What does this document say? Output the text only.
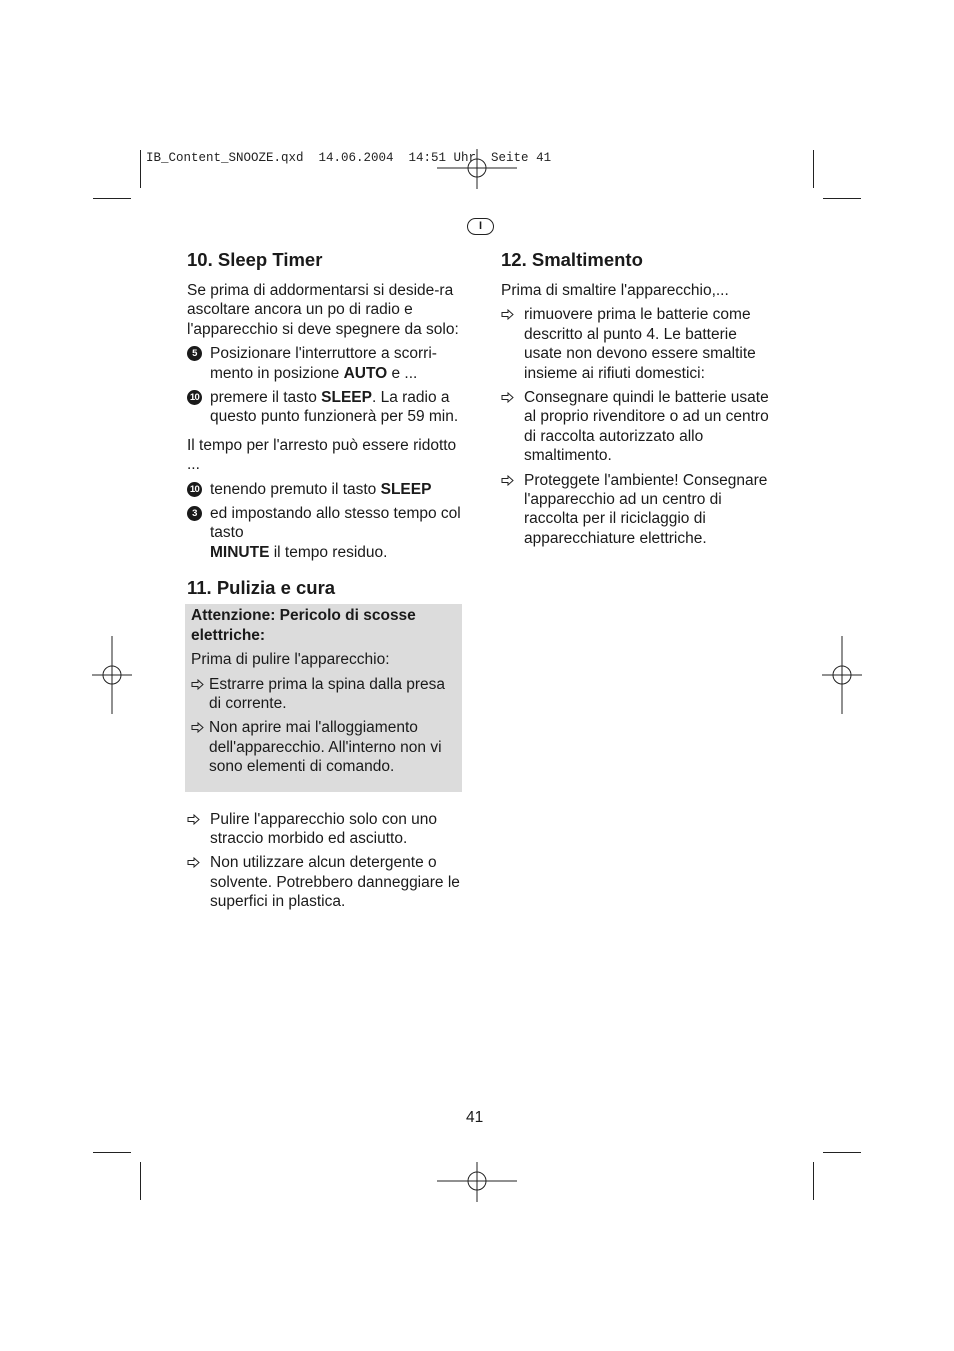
IB_Content_SNOOZE.qxd  14.06.2004  14:51 Uhr  Seite 41
I
10. Sleep Timer

Se prima di addormentarsi si deside-ra ascoltare ancora un po di radio e l'apparecchio si deve spegnere da solo:

5 Posizionare l'interruttore a scorri-mento in posizione AUTO e ...
10 premere il tasto SLEEP. La radio a questo punto funzionerà per 59 min.

Il tempo per l'arresto può essere ridotto ...

10 tenendo premuto il tasto SLEEP
3 ed impostando allo stesso tempo col tasto
MINUTE il tempo residuo.
11. Pulizia e cura
Attenzione: Pericolo di scosse elettriche:

Prima di pulire l'apparecchio:

Estrarre prima la spina dalla presa di corrente.
Non aprire mai l'alloggiamento dell'apparecchio. All'interno non vi sono elementi di comando.
Pulire l'apparecchio solo con uno straccio morbido ed asciutto.
Non utilizzare alcun detergente o solvente. Potrebbero danneggiare le superfici in plastica.
12. Smaltimento

Prima di smaltire l'apparecchio,...

rimuovere prima le batterie come descritto al punto 4. Le batterie usate non devono essere smaltite insieme ai rifiuti domestici:
Consegnare quindi le batterie usate al proprio rivenditore o ad un centro di raccolta autorizzato allo smaltimento.
Proteggete l'ambiente! Consegnare l'apparecchio ad un centro di raccolta per il riciclaggio di apparecchiature elettriche.
41
